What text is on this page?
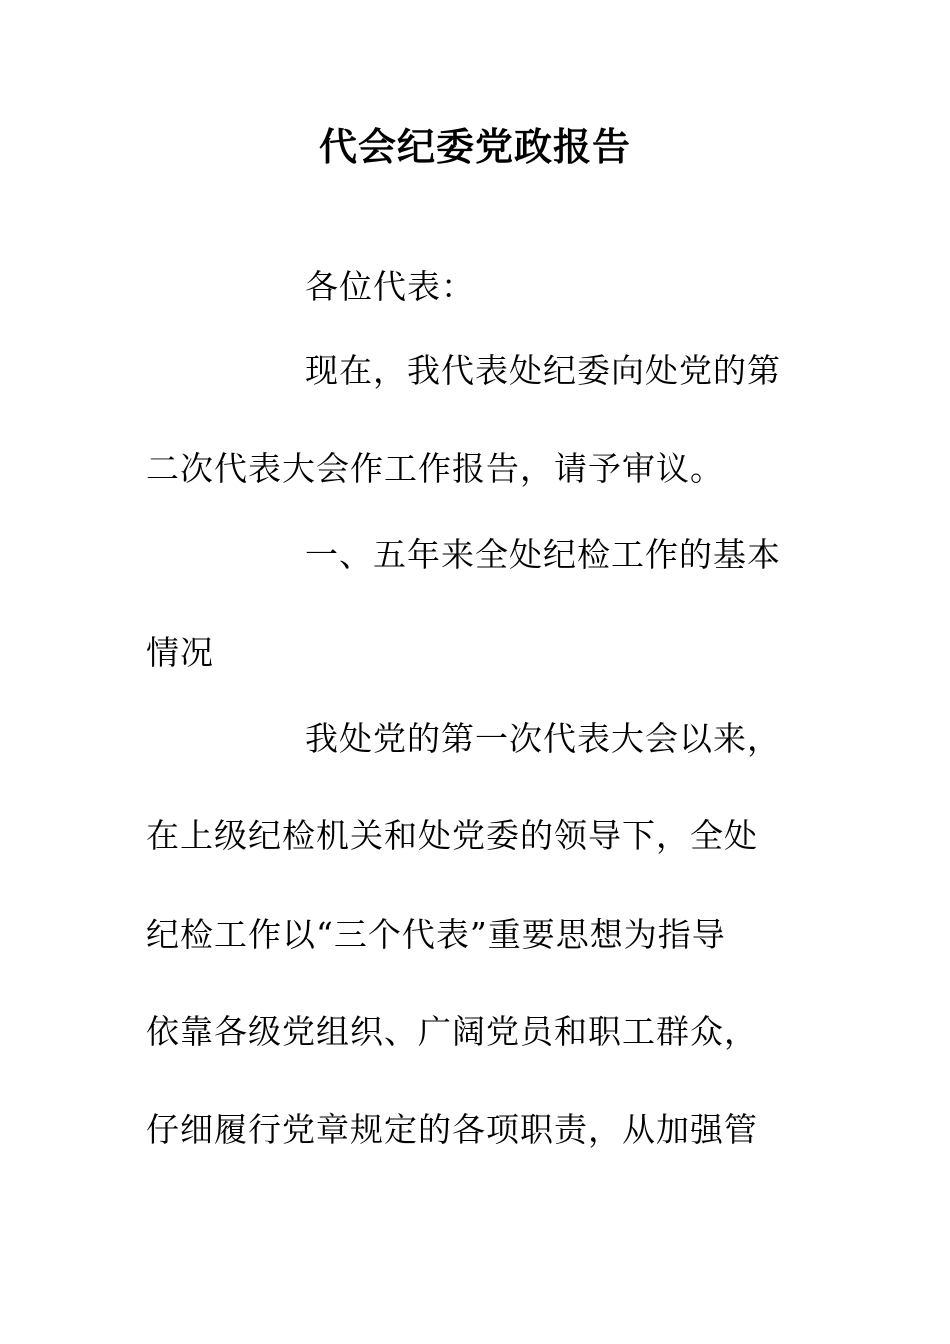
代会纪委党政报告
各位代表：
现在，我代表处纪委向处党的第
二次代表大会作工作报告，请予审议。
一、五年来全处纪检工作的基本
情况
我处党的第一次代表大会以来，
在上级纪检机关和处党委的领导下，全处
纪检工作以“三个代表”重要思想为指导
依靠各级党组织、广阔党员和职工群众，
仔细履行党章规定的各项职责，从加强管
